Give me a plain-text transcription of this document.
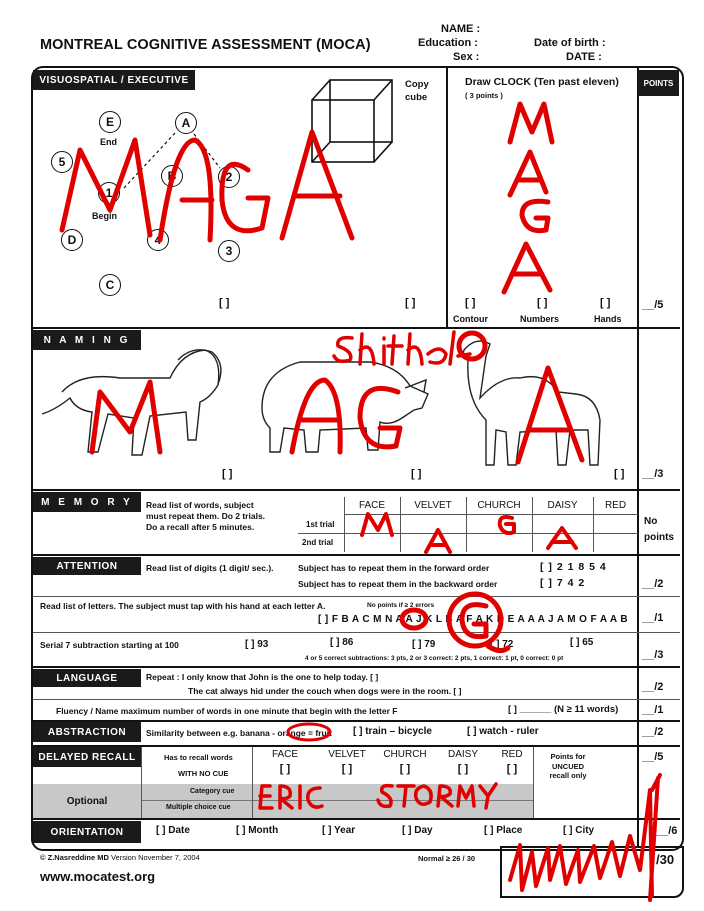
MONTREAL COGNITIVE ASSESSMENT (MOCA)
NAME :
Education :
Sex :
Date of birth :
DATE :
POINTS
VISUOSPATIAL / EXECUTIVE	Copy
cube
Draw CLOCK (Ten past eleven)
( 3 points )
E	A
5
B	2
1
D	4
3
C
End
Begin
[ ]	[ ]	[ ]	[ ]	[ ]
Contour	Numbers	Hands
__/5
N A M I N G
[ ]	[ ]	[ ] __/3
M E M O R Y	Read list of words, subject
must repeat them. Do 2 trials.
Do a recall after 5 minutes.
FACE	VELVET	CHURCH	DAISY	RED
1st trial
2nd trial
No
points
ATTENTION	Read list of digits (1 digit/ sec.).	Subject has to repeat them in the forward order	[ ] 2 1 8 5 4
Subject has to repeat them in the backward order	[ ] 7 4 2	__/2
Read list of letters. The subject must tap with his hand at each letter A.	No points if ≥ 2 errors
[ ] F B A C M N A A J K L B A F A K D E A A A J A M O F A A B __/1
Serial 7 subtraction starting at 100	[ ] 93	[ ] 86	[ ] 79	[ ] 72	[ ] 65
4 or 5 correct subtractions: 3 pts, 2 or 3 correct: 2 pts, 1 correct: 1 pt, 0 correct: 0 pt	__/3
LANGUAGE	Repeat : I only know that John is the one to help today. [ ]
The cat always hid under the couch when dogs were in the room. [ ]	__/2
Fluency / Name maximum number of words in one minute that begin with the letter F	[ ] ______ (N ≥ 11 words) __/1
ABSTRACTION	Similarity between e.g. banana - orange = fruit [ ] train – bicycle	[ ] watch - ruler	__/2
DELAYED RECALL
Optional
Has to recall words
WITH NO CUE
Category cue
Multiple choice cue
FACE	VELVET	CHURCH	DAISY	RED
[ ]	[ ]	[ ]	[ ]	[ ]
Points for
UNCUED
recall only
__/5
ORIENTATION	[ ] Date	[ ] Month	[ ] Year	[ ] Day	[ ] Place	[ ] City	__/6
© Z.Nasreddine MD Version November 7, 2004
www.mocatest.org
Normal ≥ 26 / 30	/30
